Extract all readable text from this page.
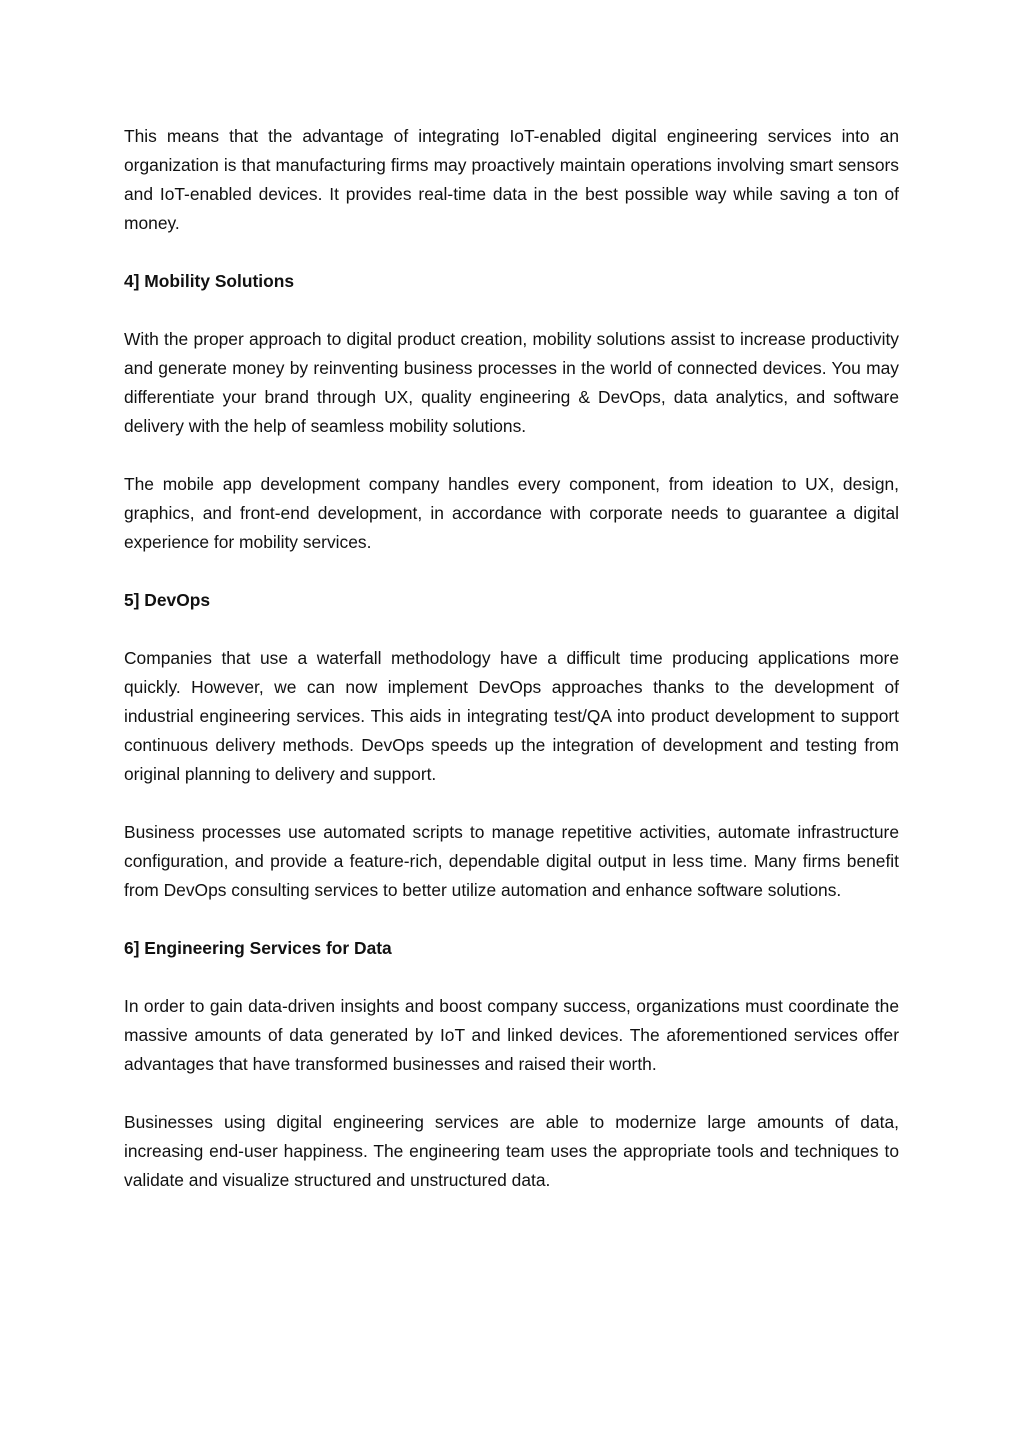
This means that the advantage of integrating IoT-enabled digital engineering services into an organization is that manufacturing firms may proactively maintain operations involving smart sensors and IoT-enabled devices. It provides real-time data in the best possible way while saving a ton of money.

4] Mobility Solutions

With the proper approach to digital product creation, mobility solutions assist to increase productivity and generate money by reinventing business processes in the world of connected devices. You may differentiate your brand through UX, quality engineering & DevOps, data analytics, and software delivery with the help of seamless mobility solutions.

The mobile app development company handles every component, from ideation to UX, design, graphics, and front-end development, in accordance with corporate needs to guarantee a digital experience for mobility services.

5] DevOps

Companies that use a waterfall methodology have a difficult time producing applications more quickly. However, we can now implement DevOps approaches thanks to the development of industrial engineering services. This aids in integrating test/QA into product development to support continuous delivery methods. DevOps speeds up the integration of development and testing from original planning to delivery and support.

Business processes use automated scripts to manage repetitive activities, automate infrastructure configuration, and provide a feature-rich, dependable digital output in less time. Many firms benefit from DevOps consulting services to better utilize automation and enhance software solutions.

6] Engineering Services for Data

In order to gain data-driven insights and boost company success, organizations must coordinate the massive amounts of data generated by IoT and linked devices. The aforementioned services offer advantages that have transformed businesses and raised their worth.

Businesses using digital engineering services are able to modernize large amounts of data, increasing end-user happiness. The engineering team uses the appropriate tools and techniques to validate and visualize structured and unstructured data.
